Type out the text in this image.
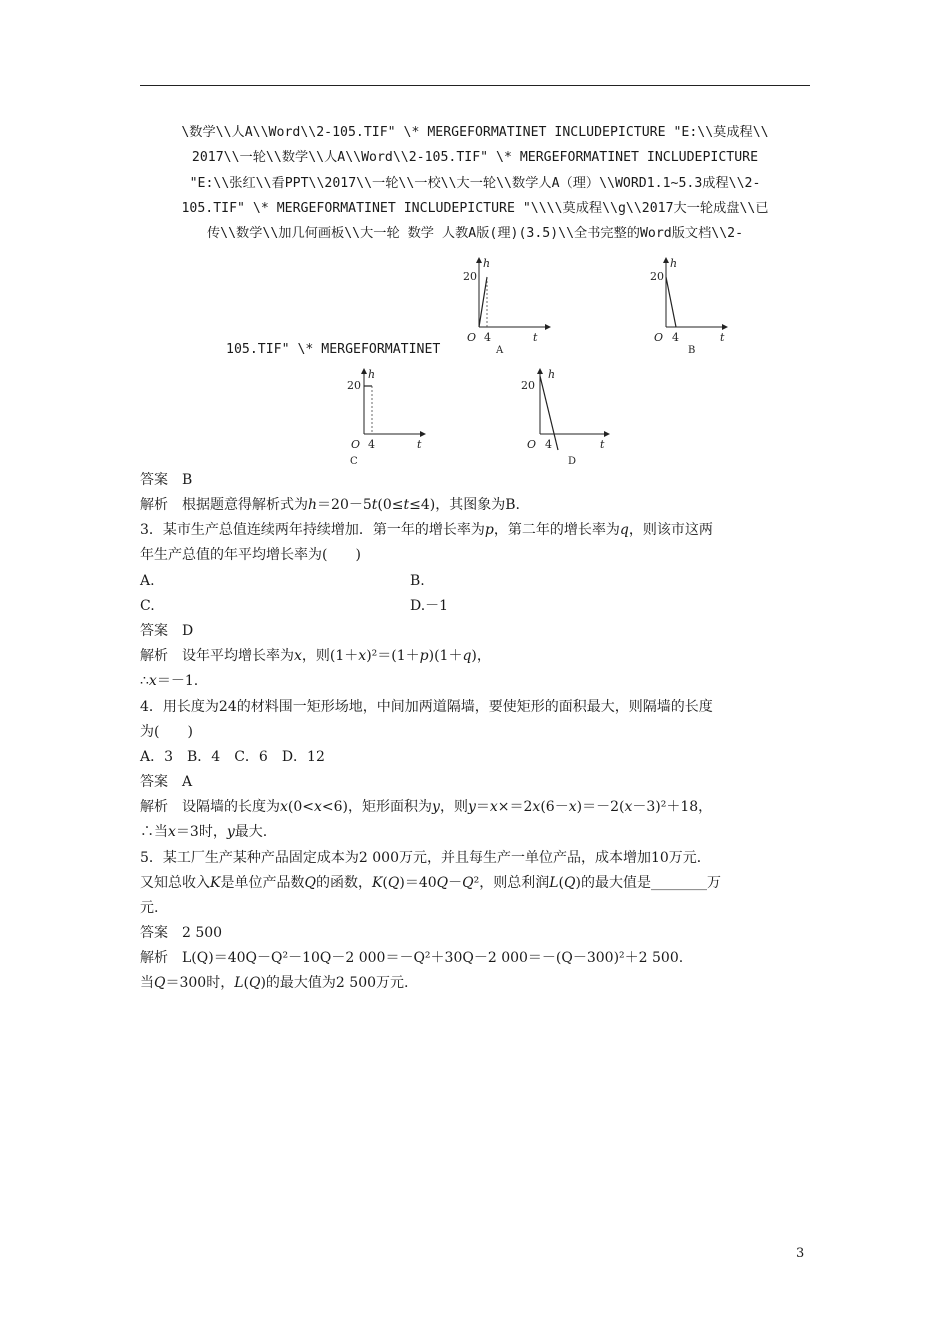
\数学\\人A\\Word\\2-105.TIF" \* MERGEFORMATINET INCLUDEPICTURE "E:\\莫成程\\
2017\\一轮\\数学\\人A\\Word\\2-105.TIF" \* MERGEFORMATINET INCLUDEPICTURE
"E:\\张红\\看PPT\\2017\\一轮\\一校\\大一轮\\数学人A（理）\\WORD1.1~5.3成程\\2-
105.TIF" \* MERGEFORMATINET INCLUDEPICTURE "\\\\莫成程\\g\\2017大一轮成盘\\已
传\\数学\\加几何画板\\大一轮 数学 人教A版(理)(3.5)\\全书完整的Word版文档\\2-
105.TIF" \* MERGEFORMATINET
20
h
O 4	t
A
20
h
O 4	t
B
20
h
O 4	t
C
20
h
O 4	t
D
答案　B
解析　根据题意得解析式为h＝20－5t(0≤t≤4)，其图象为B.
3．某市生产总值连续两年持续增加．第一年的增长率为p，第二年的增长率为q，则该市这两
年生产总值的年平均增长率为(　　)
A.	B.
C.	D.－1
答案　D
解析　设年平均增长率为x，则(1＋x)²＝(1＋p)(1＋q)，
∴x＝－1.
4．用长度为24的材料围一矩形场地，中间加两道隔墙，要使矩形的面积最大，则隔墙的长度
为(　　)
A．3　B．4　C．6　D．12
答案　A
解析　设隔墙的长度为x(0<x<6)，矩形面积为y，则y＝x×＝2x(6－x)＝－2(x－3)²＋18，
∴当x＝3时，y最大.
5．某工厂生产某种产品固定成本为2 000万元，并且每生产一单位产品，成本增加10万元．
又知总收入K是单位产品数Q的函数，K(Q)＝40Q－Q²，则总利润L(Q)的最大值是________万
元.
答案　2 500
解析　L(Q)＝40Q－Q²－10Q－2 000＝－Q²＋30Q－2 000＝－(Q－300)²＋2 500.
当Q＝300时，L(Q)的最大值为2 500万元.
3
